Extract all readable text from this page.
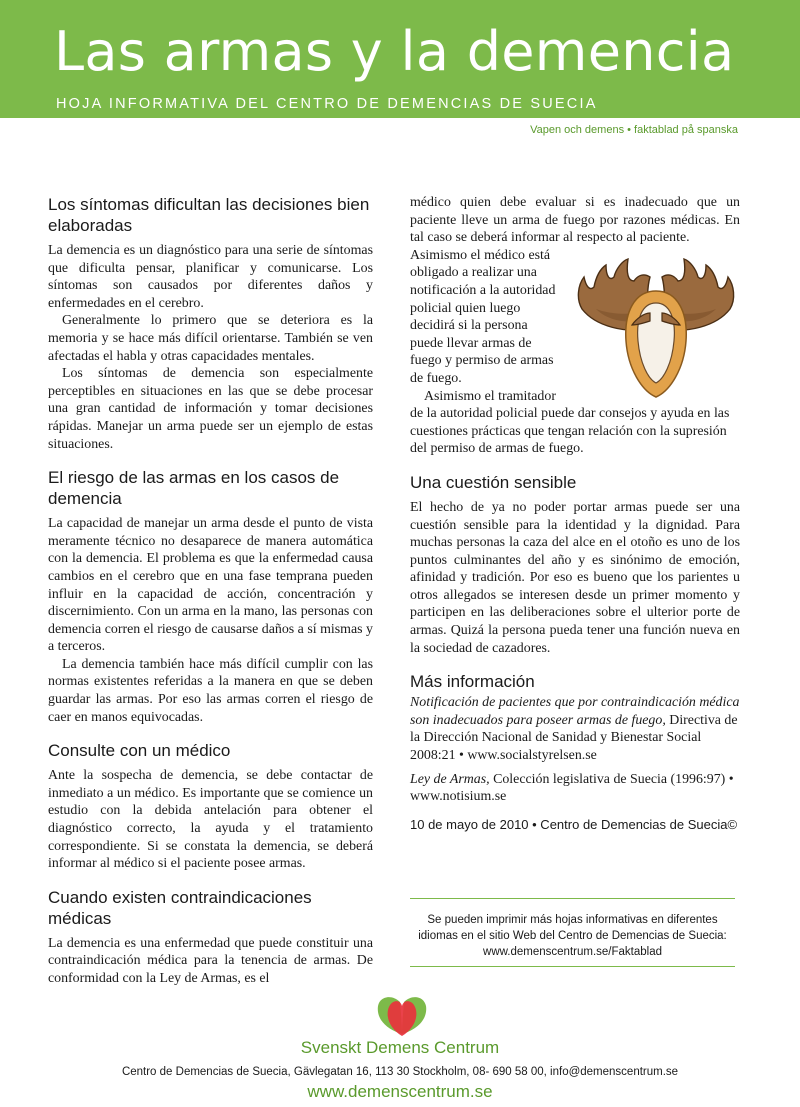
Las armas y la demencia
HOJA INFORMATIVA DEL CENTRO DE DEMENCIAS DE SUECIA
Vapen och demens • faktablad på spanska
Los síntomas dificultan las decisiones bien elaboradas

La demencia es un diagnóstico para una serie de síntomas que dificulta pensar, planificar y comunicarse. Los síntomas son causados por diferentes daños y enfermedades en el cerebro.

Generalmente lo primero que se deteriora es la memoria y se hace más difícil orientarse. También se ven afectadas el habla y otras capacidades mentales.

Los síntomas de demencia son especialmente perceptibles en situaciones en las que se debe procesar una gran cantidad de información y tomar decisiones rápidas. Manejar un arma puede ser un ejemplo de estas situaciones.

El riesgo de las armas en los casos de demencia

La capacidad de manejar un arma desde el punto de vista meramente técnico no desaparece de manera automática con la demencia. El problema es que la enfermedad causa cambios en el cerebro que en una fase temprana pueden influir en la capacidad de acción, concentración y discernimiento. Con un arma en la mano, las personas con demencia corren el riesgo de causarse daños a sí mismas y a terceros.

La demencia también hace más difícil cumplir con las normas existentes referidas a la manera en que se deben guardar las armas. Por eso las armas corren el riesgo de caer en manos equivocadas.

Consulte con un médico

Ante la sospecha de demencia, se debe contactar de inmediato a un médico. Es importante que se comience un estudio con la debida antelación para obtener el diagnóstico correcto, la ayuda y el tratamiento correspondiente. Si se constata la demencia, se deberá informar al médico si el paciente posee armas.

Cuando existen contraindicaciones médicas

La demencia es una enfermedad que puede constituir una contraindicación médica para la tenencia de armas. De conformidad con la Ley de Armas, es el

médico quien debe evaluar si es inadecuado que un paciente lleve un arma de fuego por razones médicas. En tal caso se deberá informar al respecto al paciente.

Asimismo el médico está obligado a realizar una notificación a la autoridad policial quien luego decidirá si la persona puede llevar armas de fuego y permiso de armas de fuego.

Asimismo el tramitador de la autoridad policial puede dar consejos y ayuda en las cuestiones prácticas que tengan relación con la supresión del permiso de armas de fuego.

Una cuestión sensible

El hecho de ya no poder portar armas puede ser una cuestión sensible para la identidad y la dignidad. Para muchas personas la caza del alce en el otoño es uno de los puntos culminantes del año y es sinónimo de emoción, afinidad y tradición. Por eso es bueno que los parientes u otros allegados se interesen desde un primer momento y participen en las deliberaciones sobre el ulterior porte de armas. Quizá la persona pueda tener una función nueva en la sociedad de cazadores.

Más información

Notificación de pacientes que por contraindicación médica son inadecuados para poseer armas de fuego, Directiva de la Dirección Nacional de Sanidad y Bienestar Social 2008:21 • www.socialstyrelsen.se

Ley de Armas, Colección legislativa de Suecia (1996:97) • www.notisium.se

10 de mayo de 2010 • Centro de Demencias de Suecia©

Se pueden imprimir más hojas informativas en diferentes
idiomas en el sitio Web del Centro de Demencias de Suecia:
www.demenscentrum.se/Faktablad
Svenskt Demens Centrum
Centro de Demencias de Suecia, Gävlegatan 16, 113 30 Stockholm, 08- 690 58 00, info@demenscentrum.se
www.demenscentrum.se
